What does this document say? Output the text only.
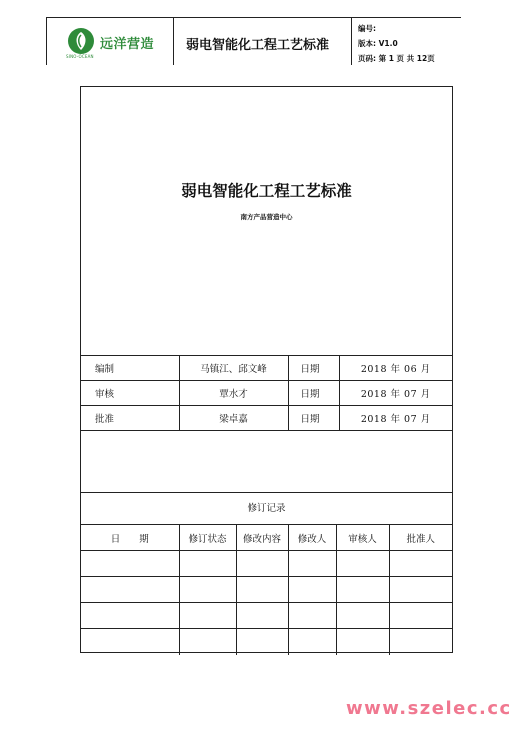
远洋营造
SINO-OCEAN
弱电智能化工程工艺标准
编号:
版本: V1.0
页码: 第 1 页 共 12页
弱电智能化工程工艺标准
南方产品营造中心
编制	马镇江、邱文峰	日期	2018 年 06 月
审核	覃水才	日期	2018 年 07 月
批准	梁卓嘉	日期	2018 年 07 月
修订记录
日　　期	修订状态	修改内容	修改人	审核人	批准人

www.szelec.cc
